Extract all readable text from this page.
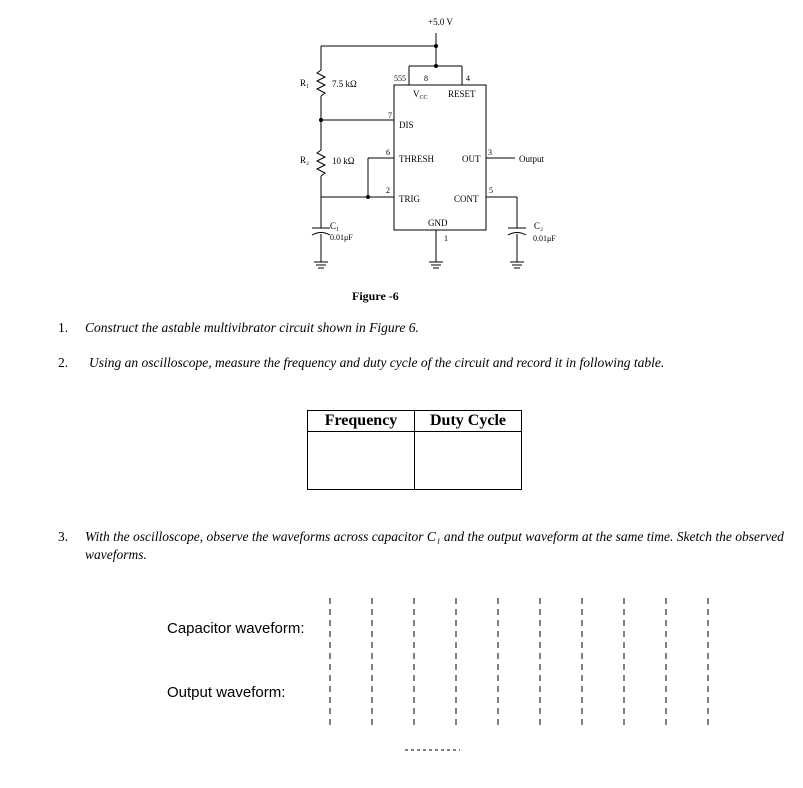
+5.0 V
R₁	7.5 kΩ
R₂	10 kΩ
C₁
0.01μF
C₂
0.01μF
555 8	4
7
6	3
2	5
1
$V_{CC}$ RESET
DIS
THRESH	OUT
TRIG	CONT
GND
Output
Figure -6
1. Construct the astable multivibrator circuit shown in Figure 6.
2. Using an oscilloscope, measure the frequency and duty cycle of the circuit and record it in following table.
Frequency	Duty Cycle

3. With the oscilloscope, observe the waveforms across capacitor C₁ and the output waveform at the same time. Sketch the observed waveforms.
Capacitor waveform:
Output waveform:
